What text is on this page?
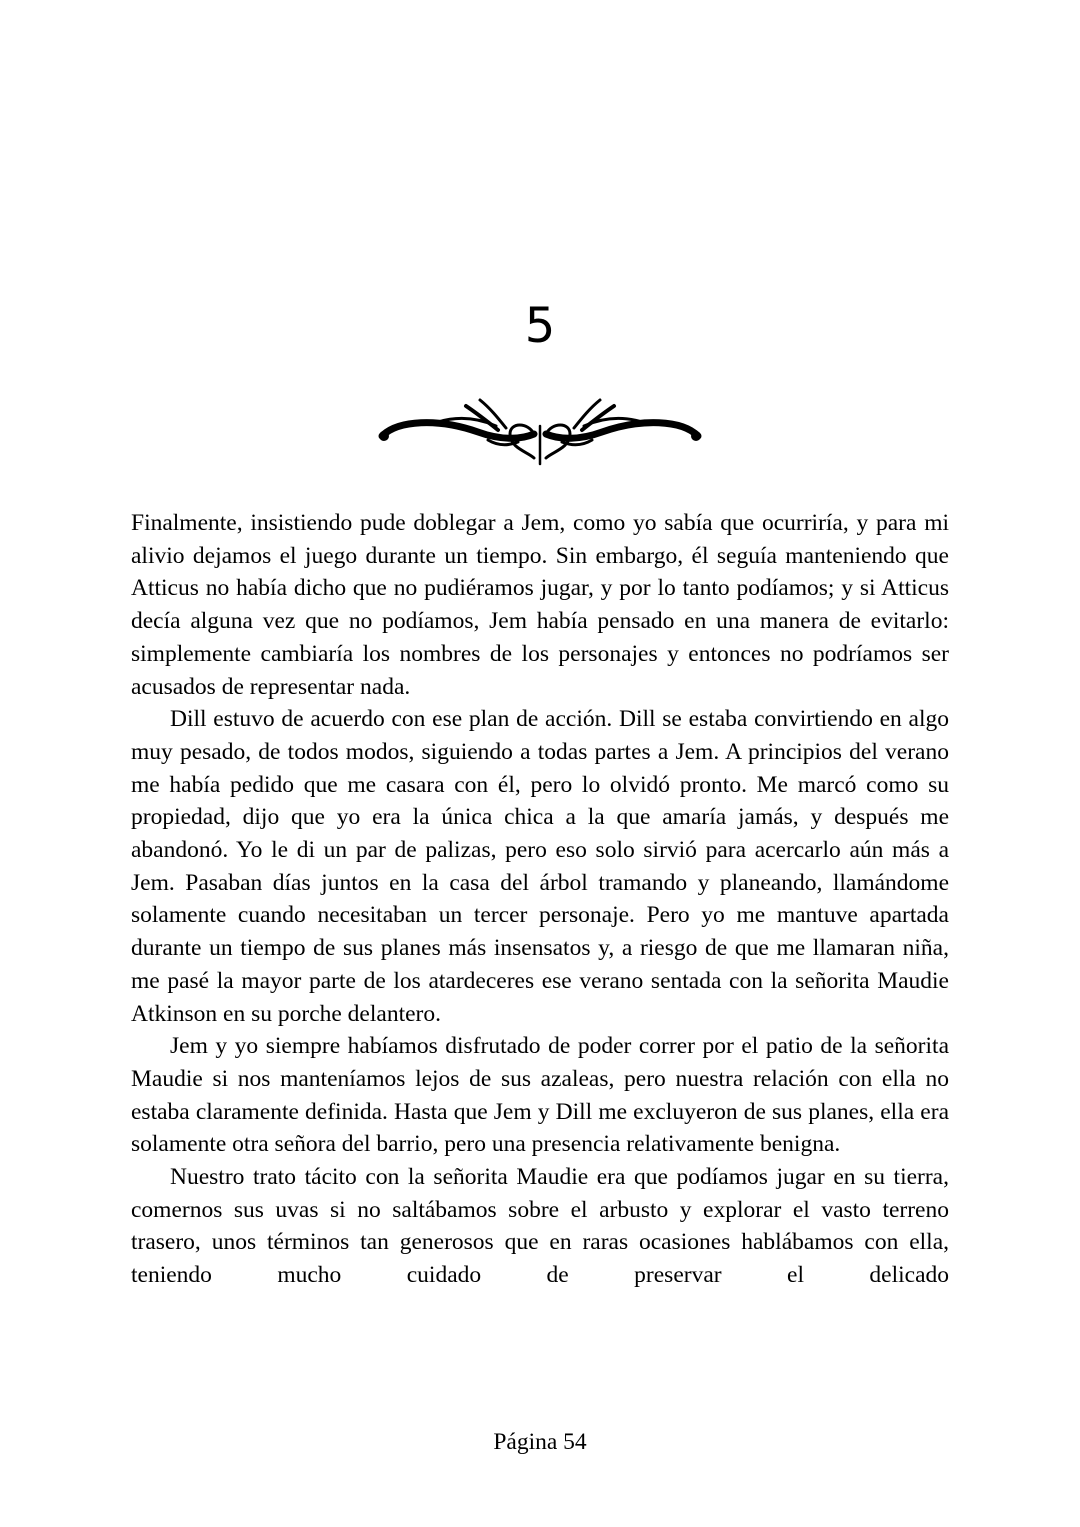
5

Finalmente, insistiendo pude doblegar a Jem, como yo sabía que ocurriría, y para mi alivio dejamos el juego durante un tiempo. Sin embargo, él seguía manteniendo que Atticus no había dicho que no pudiéramos jugar, y por lo tanto podíamos; y si Atticus decía alguna vez que no podíamos, Jem había pensado en una manera de evitarlo: simplemente cambiaría los nombres de los personajes y entonces no podríamos ser acusados de representar nada.

Dill estuvo de acuerdo con ese plan de acción. Dill se estaba convirtiendo en algo muy pesado, de todos modos, siguiendo a todas partes a Jem. A principios del verano me había pedido que me casara con él, pero lo olvidó pronto. Me marcó como su propiedad, dijo que yo era la única chica a la que amaría jamás, y después me abandonó. Yo le di un par de palizas, pero eso solo sirvió para acercarlo aún más a Jem. Pasaban días juntos en la casa del árbol tramando y planeando, llamándome solamente cuando necesitaban un tercer personaje. Pero yo me mantuve apartada durante un tiempo de sus planes más insensatos y, a riesgo de que me llamaran niña, me pasé la mayor parte de los atardeceres ese verano sentada con la señorita Maudie Atkinson en su porche delantero.

Jem y yo siempre habíamos disfrutado de poder correr por el patio de la señorita Maudie si nos manteníamos lejos de sus azaleas, pero nuestra relación con ella no estaba claramente definida. Hasta que Jem y Dill me excluyeron de sus planes, ella era solamente otra señora del barrio, pero una presencia relativamente benigna.

Nuestro trato tácito con la señorita Maudie era que podíamos jugar en su tierra, comernos sus uvas si no saltábamos sobre el arbusto y explorar el vasto terreno trasero, unos términos tan generosos que en raras ocasiones hablábamos con ella, teniendo mucho cuidado de preservar el delicado

Página 54
